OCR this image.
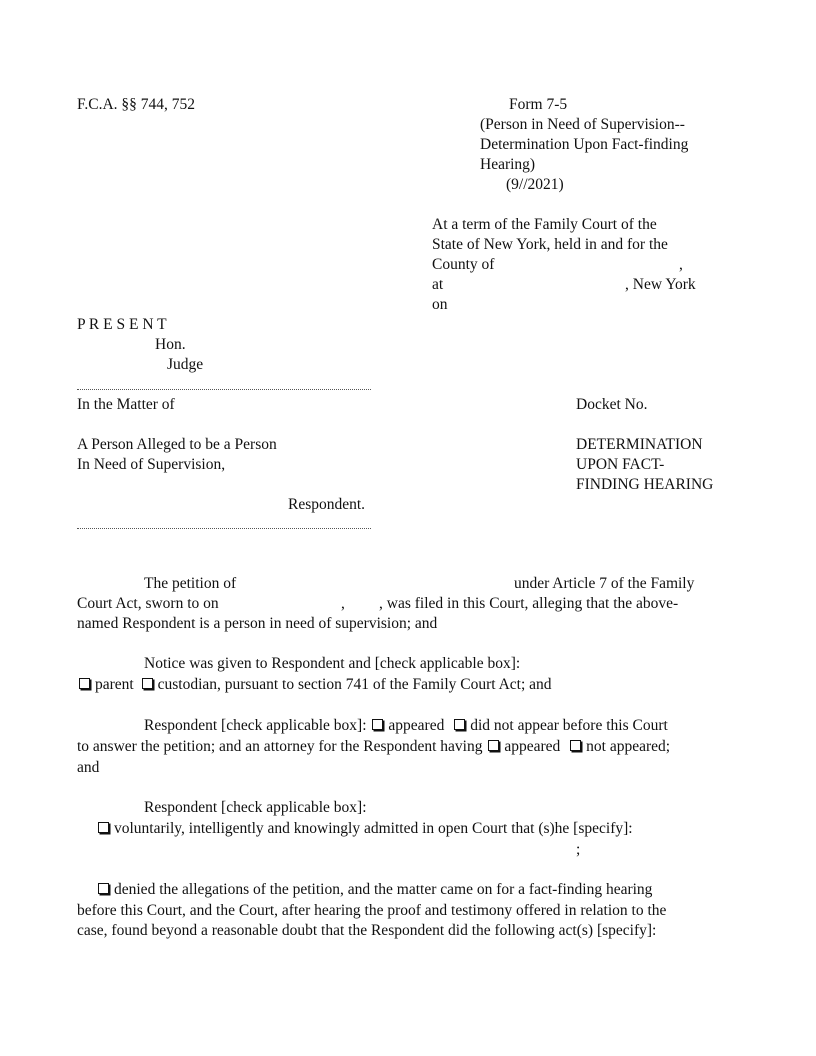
F.C.A. §§ 744, 752	Form 7-5
(Person in Need of Supervision--
Determination Upon Fact-finding
Hearing)
(9//2021)
At a term of the Family Court of the
State of New York, held in and for the
County of	,
at	, New York
on
P R E S E N T
Hon.
Judge
In the Matter of	Docket No.
A Person Alleged to be a Person
In Need of Supervision,
DETERMINATION
UPON FACT-
FINDING HEARING
Respondent.
The petition of	under Article 7 of the Family
Court Act, sworn to on	, , was filed in this Court, alleging that the above-
named Respondent is a person in need of supervision; and
Notice was given to Respondent and [check applicable box]:
parent custodian, pursuant to section 741 of the Family Court Act; and
Respondent [check applicable box]: appeared did not appear before this Court
to answer the petition; and an attorney for the Respondent having appeared not appeared;
and
Respondent [check applicable box]:
voluntarily, intelligently and knowingly admitted in open Court that (s)he [specify]:
;
denied the allegations of the petition, and the matter came on for a fact-finding hearing
before this Court, and the Court, after hearing the proof and testimony offered in relation to the
case, found beyond a reasonable doubt that the Respondent did the following act(s) [specify]:
